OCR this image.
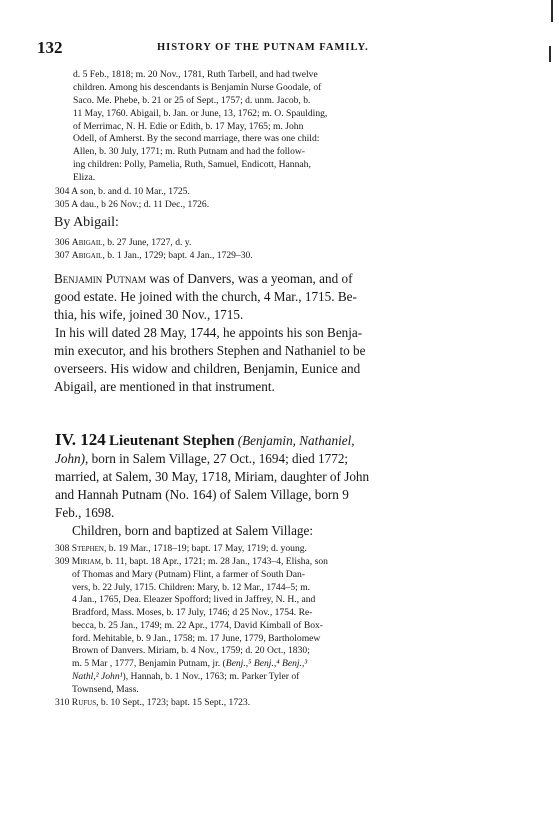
132	HISTORY OF THE PUTNAM FAMILY.
d. 5 Feb., 1818; m. 20 Nov., 1781, Ruth Tarbell, and had twelve
children. Among his descendants is Benjamin Nurse Goodale, of
Saco. Me. Phebe, b. 21 or 25 of Sept., 1757; d. unm. Jacob, b.
11 May, 1760. Abigail, b. Jan. or June, 13, 1762; m. O. Spaulding,
of Merrimac, N. H. Edie or Edith, b. 17 May, 1765; m. John
Odell, of Amherst. By the second marriage, there was one child:
Allen, b. 30 July, 1771; m. Ruth Putnam and had the follow-
ing children: Polly, Pamelia, Ruth, Samuel, Endicott, Hannah,
Eliza.
304 A son, b. and d. 10 Mar., 1725.
305 A dau., b 26 Nov.; d. 11 Dec., 1726.
By Abigail:
306 Abigail, b. 27 June, 1727, d. y.
307 Abigail, b. 1 Jan., 1729; bapt. 4 Jan., 1729–30.
Benjamin Putnam was of Danvers, was a yeoman, and of
good estate. He joined with the church, 4 Mar., 1715. Be-
thia, his wife, joined 30 Nov., 1715.
In his will dated 28 May, 1744, he appoints his son Benja-
min executor, and his brothers Stephen and Nathaniel to be
overseers. His widow and children, Benjamin, Eunice and
Abigail, are mentioned in that instrument.
IV. 124 Lieutenant Stephen (Benjamin, Nathaniel,
John), born in Salem Village, 27 Oct., 1694; died 1772;
married, at Salem, 30 May, 1718, Miriam, daughter of John
and Hannah Putnam (No. 164) of Salem Village, born 9
Feb., 1698.
Children, born and baptized at Salem Village:
308 Stephen, b. 19 Mar., 1718–19; bapt. 17 May, 1719; d. young.
309 Miriam, b. 11, bapt. 18 Apr., 1721; m. 28 Jan., 1743–4, Elisha, son
of Thomas and Mary (Putnam) Flint, a farmer of South Dan-
vers, b. 22 July, 1715. Children: Mary, b. 12 Mar., 1744–5; m.
4 Jan., 1765, Dea. Eleazer Spofford; lived in Jaffrey, N. H., and
Bradford, Mass. Moses, b. 17 July, 1746; d 25 Nov., 1754. Re-
becca, b. 25 Jan., 1749; m. 22 Apr., 1774, David Kimball of Box-
ford. Mehitable, b. 9 Jan., 1758; m. 17 June, 1779, Bartholomew
Brown of Danvers. Miriam, b. 4 Nov., 1759; d. 20 Oct., 1830;
m. 5 Mar , 1777, Benjamin Putnam, jr. (Benj.,⁵ Benj.,⁴ Benj.,³
Nathl,² John¹), Hannah, b. 1 Nov., 1763; m. Parker Tyler of
Townsend, Mass.
310 Rufus, b. 10 Sept., 1723; bapt. 15 Sept., 1723.
